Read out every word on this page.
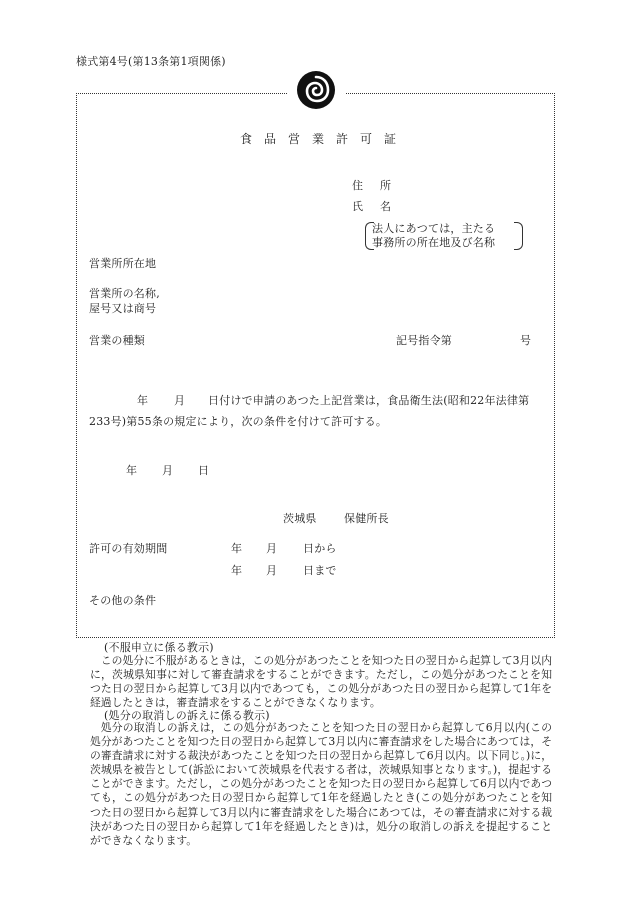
様式第4号(第13条第1項関係)
食品営業許可証
住　所
氏　名
法人にあつては，主たる
事務所の所在地及び名称
営業所所在地
営業所の名称,
屋号又は商号
営業の種類	記号指令第	号
年 月 日付けで申請のあつた上記営業は，食品衛生法(昭和22年法律第
233号)第55条の規定により，次の条件を付けて許可する。
年 月 日
茨城県 保健所長
許可の有効期間	年 月 日から
年 月 日まで
その他の条件
(不服申立に係る教示)
この処分に不服があるときは，この処分があつたことを知つた日の翌日から起算して3月以内に，茨城県知事に対して審査請求をすることができます。ただし，この処分があつたことを知つた日の翌日から起算して3月以内であつても，この処分があつた日の翌日から起算して1年を経過したときは，審査請求をすることができなくなります。
(処分の取消しの訴えに係る教示)
処分の取消しの訴えは，この処分があつたことを知つた日の翌日から起算して6月以内(この処分があつたことを知つた日の翌日から起算して3月以内に審査請求をした場合にあつては，その審査請求に対する裁決があつたことを知つた日の翌日から起算して6月以内。以下同じ。)に，茨城県を被告として(訴訟において茨城県を代表する者は，茨城県知事となります。)，提起することができます。ただし，この処分があつたことを知つた日の翌日から起算して6月以内であつても，この処分があつた日の翌日から起算して1年を経過したとき(この処分があつたことを知つた日の翌日から起算して3月以内に審査請求をした場合にあつては，その審査請求に対する裁決があつた日の翌日から起算して1年を経過したとき)は，処分の取消しの訴えを提起することができなくなります。
